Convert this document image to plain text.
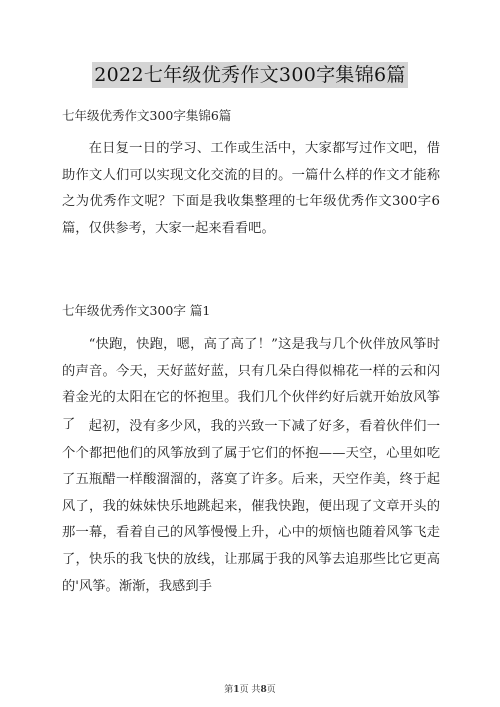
2022七年级优秀作文300字集锦6篇
七年级优秀作文300字集锦6篇

在日复一日的学习、工作或生活中，大家都写过作文吧，借助作文人们可以实现文化交流的目的。一篇什么样的作文才能称之为优秀作文呢？下面是我收集整理的七年级优秀作文300字6篇，仅供参考，大家一起来看看吧。

七年级优秀作文300字 篇1

“快跑，快跑，嗯，高了高了！”这是我与几个伙伴放风筝时的声音。今天，天好蓝好蓝，只有几朵白得似棉花一样的云和闪着金光的太阳在它的怀抱里。我们几个伙伴约好后就开始放风筝了 起初，没有多少风，我的兴致一下减了好多，看着伙伴们一个个都把他们的风筝放到了属于它们的怀抱——天空，心里如吃了五瓶醋一样酸溜溜的，落寞了许多。后来，天空作美，终于起风了，我的妹妹快乐地跳起来，催我快跑，便出现了文章开头的那一幕，看着自己的风筝慢慢上升，心中的烦恼也随着风筝飞走了，快乐的我飞快的放线，让那属于我的风筝去追那些比它更高的'风筝。渐渐，我感到手

第1页 共8页
